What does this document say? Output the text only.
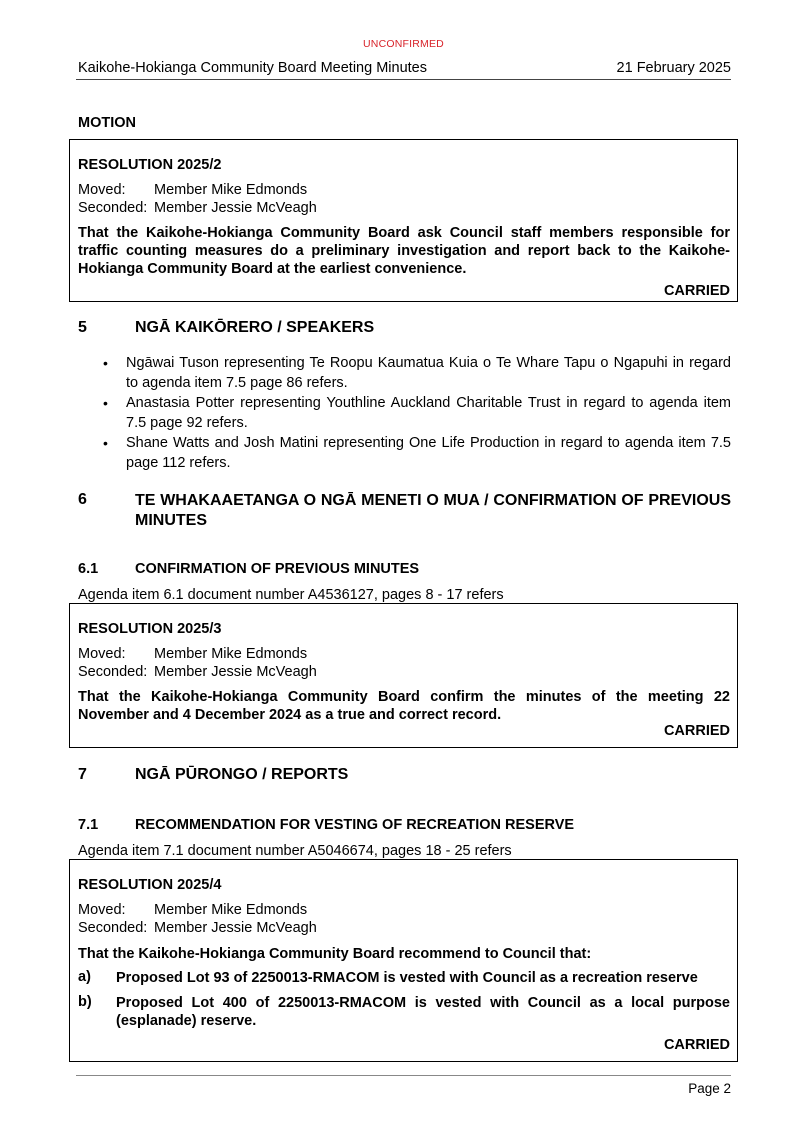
UNCONFIRMED
Kaikohe-Hokianga Community Board Meeting Minutes	21 February 2025
MOTION
RESOLUTION 2025/2
Moved: Member Mike Edmonds
Seconded: Member Jessie McVeagh
That the Kaikohe-Hokianga Community Board ask Council staff members responsible for traffic counting measures do a preliminary investigation and report back to the Kaikohe-Hokianga Community Board at the earliest convenience.
CARRIED
5	NGĀ KAIKŌRERO / SPEAKERS
• Ngāwai Tuson representing Te Roopu Kaumatua Kuia o Te Whare Tapu o Ngapuhi in regard to agenda item 7.5 page 86 refers.
• Anastasia Potter representing Youthline Auckland Charitable Trust in regard to agenda item 7.5 page 92 refers.
• Shane Watts and Josh Matini representing One Life Production in regard to agenda item 7.5 page 112 refers.
6	TE WHAKAAETANGA O NGĀ MENETI O MUA / CONFIRMATION OF PREVIOUS MINUTES
6.1	CONFIRMATION OF PREVIOUS MINUTES
Agenda item 6.1 document number A4536127, pages 8 - 17 refers
RESOLUTION 2025/3
Moved: Member Mike Edmonds
Seconded: Member Jessie McVeagh
That the Kaikohe-Hokianga Community Board confirm the minutes of the meeting 22 November and 4 December 2024 as a true and correct record.
CARRIED
7	NGĀ PŪRONGO / REPORTS
7.1	RECOMMENDATION FOR VESTING OF RECREATION RESERVE
Agenda item 7.1 document number A5046674, pages 18 - 25 refers
RESOLUTION 2025/4
Moved: Member Mike Edmonds
Seconded: Member Jessie McVeagh
That the Kaikohe-Hokianga Community Board recommend to Council that:
a) Proposed Lot 93 of 2250013-RMACOM is vested with Council as a recreation reserve
b) Proposed Lot 400 of 2250013-RMACOM is vested with Council as a local purpose (esplanade) reserve.
CARRIED
Page 2
